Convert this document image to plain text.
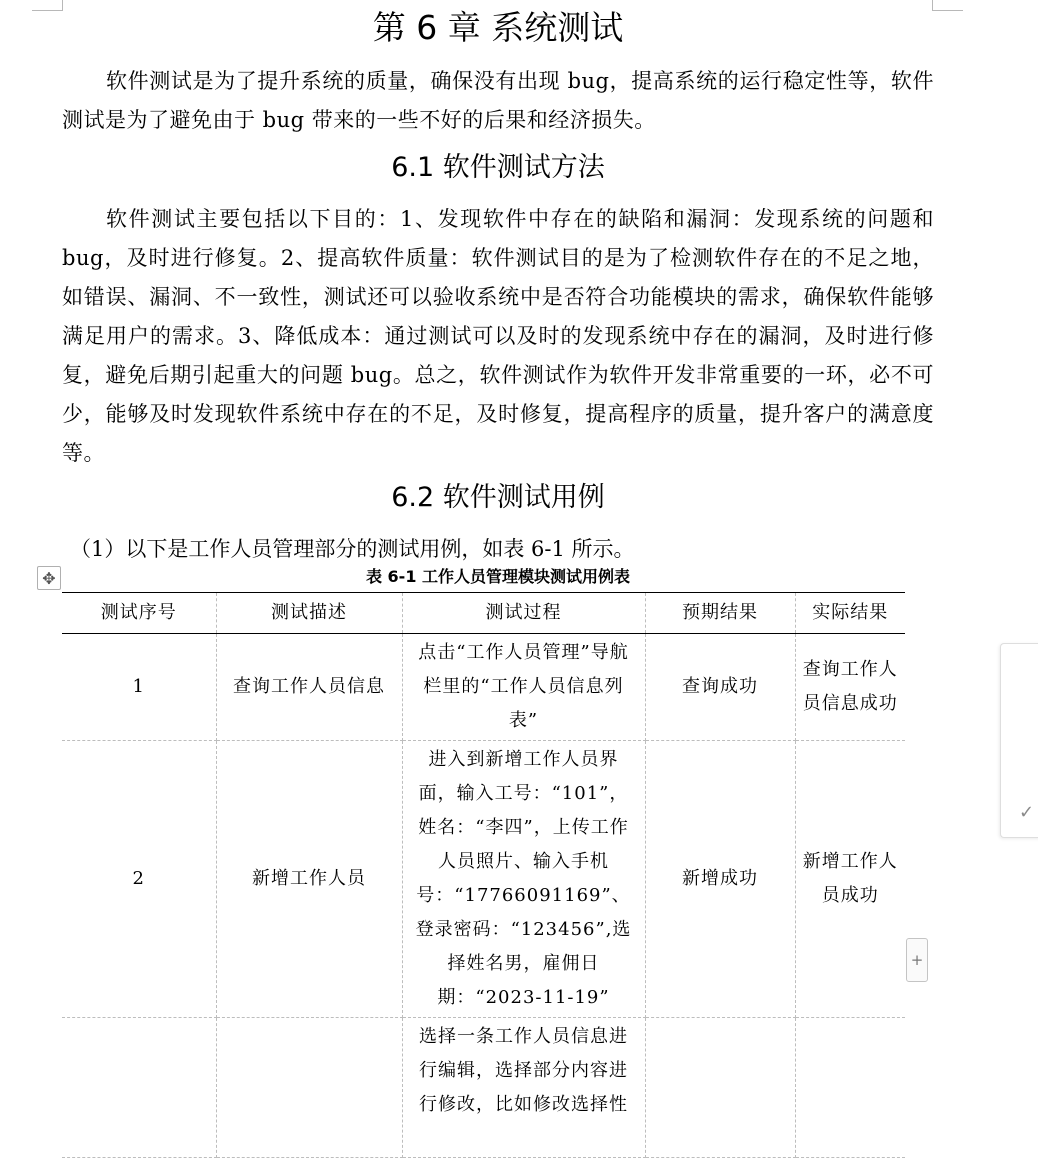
第 6 章 系统测试

软件测试是为了提升系统的质量，确保没有出现 bug，提高系统的运行稳定性等，软件测试是为了避免由于 bug 带来的一些不好的后果和经济损失。

6.1 软件测试方法

软件测试主要包括以下目的：1、发现软件中存在的缺陷和漏洞：发现系统的问题和 bug，及时进行修复。2、提高软件质量：软件测试目的是为了检测软件存在的不足之地，如错误、漏洞、不一致性，测试还可以验收系统中是否符合功能模块的需求，确保软件能够满足用户的需求。3、降低成本：通过测试可以及时的发现系统中存在的漏洞，及时进行修复，避免后期引起重大的问题 bug。总之，软件测试作为软件开发非常重要的一环，必不可少，能够及时发现软件系统中存在的不足，及时修复，提高程序的质量，提升客户的满意度等。

6.2 软件测试用例

（1）以下是工作人员管理部分的测试用例，如表 6-1 所示。

表 6-1 工作人员管理模块测试用例表

✥
测试序号	测试描述	测试过程	预期结果	实际结果
1	查询工作人员信息	点击“工作人员管理”导航栏里的“工作人员信息列表”	查询成功	查询工作人员信息成功
2	新增工作人员	进入到新增工作人员界面，输入工号：“101”，姓名：“李四”，上传工作人员照片、输入手机号：“17766091169”、登录密码：“123456”,选择姓名男，雇佣日期：“2023-11-19”	新增成功	新增工作人员成功
		选择一条工作人员信息进行编辑，选择部分内容进行修改，比如修改选择性		
+
✓
